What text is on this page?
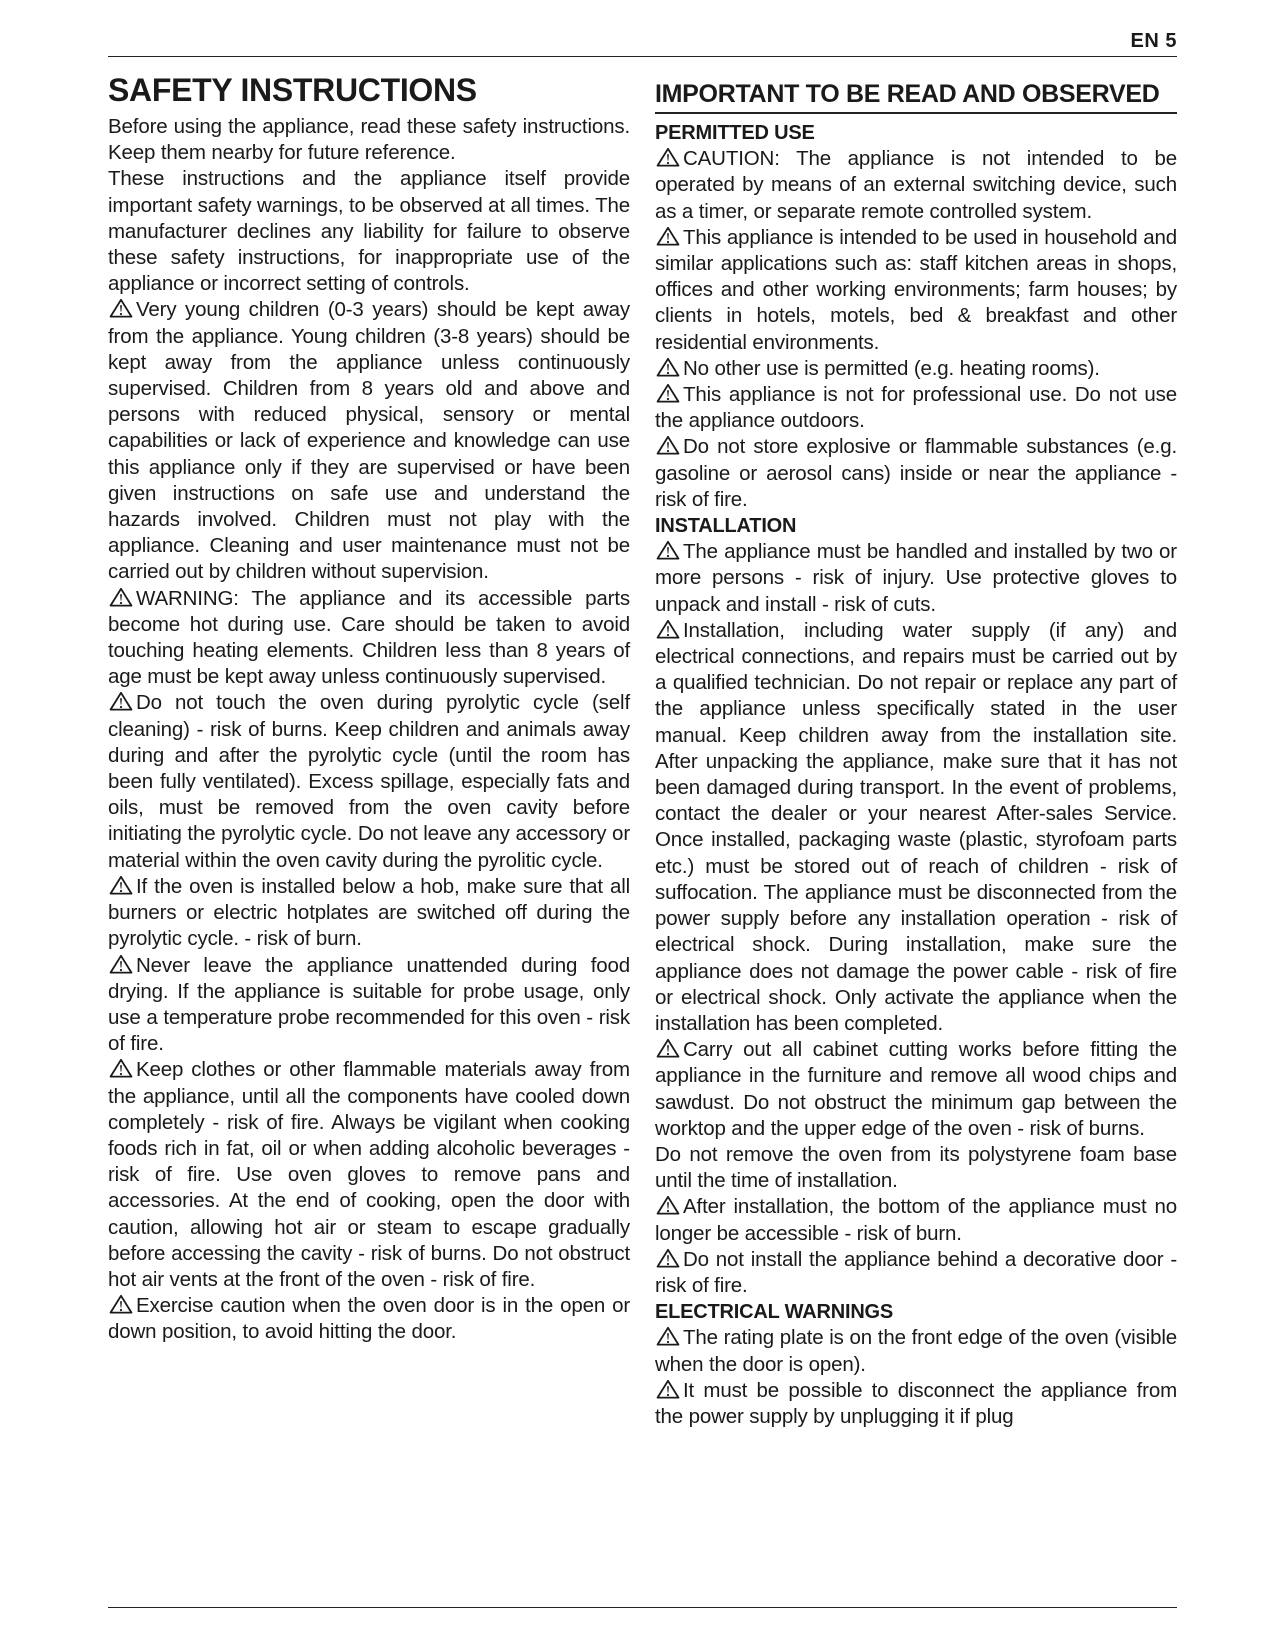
EN 5
SAFETY INSTRUCTIONS

Before using the appliance, read these safety instructions. Keep them nearby for future reference.

These instructions and the appliance itself provide important safety warnings, to be observed at all times. The manufacturer declines any liability for failure to observe these safety instructions, for inappropriate use of the appliance or incorrect setting of controls.

Very young children (0-3 years) should be kept away from the appliance. Young children (3-8 years) should be kept away from the appliance unless continuously supervised. Children from 8 years old and above and persons with reduced physical, sensory or mental capabilities or lack of experience and knowledge can use this appliance only if they are supervised or have been given instructions on safe use and understand the hazards involved. Children must not play with the appliance. Cleaning and user maintenance must not be carried out by children without supervision.

WARNING: The appliance and its accessible parts become hot during use. Care should be taken to avoid touching heating elements. Children less than 8 years of age must be kept away unless continuously supervised.

Do not touch the oven during pyrolytic cycle (self cleaning) - risk of burns. Keep children and animals away during and after the pyrolytic cycle (until the room has been fully ventilated). Excess spillage, especially fats and oils, must be removed from the oven cavity before initiating the pyrolytic cycle. Do not leave any accessory or material within the oven cavity during the pyrolitic cycle.

If the oven is installed below a hob, make sure that all burners or electric hotplates are switched off during the pyrolytic cycle. - risk of burn.

Never leave the appliance unattended during food drying. If the appliance is suitable for probe usage, only use a temperature probe recommended for this oven - risk of fire.

Keep clothes or other flammable materials away from the appliance, until all the components have cooled down completely - risk of fire. Always be vigilant when cooking foods rich in fat, oil or when adding alcoholic beverages - risk of fire. Use oven gloves to remove pans and accessories. At the end of cooking, open the door with caution, allowing hot air or steam to escape gradually before accessing the cavity - risk of burns. Do not obstruct hot air vents at the front of the oven - risk of fire.

Exercise caution when the oven door is in the open or down position, to avoid hitting the door.

IMPORTANT TO BE READ AND OBSERVED
PERMITTED USE

CAUTION: The appliance is not intended to be operated by means of an external switching device, such as a timer, or separate remote controlled system.

This appliance is intended to be used in household and similar applications such as: staff kitchen areas in shops, offices and other working environments; farm houses; by clients in hotels, motels, bed & breakfast and other residential environments.

No other use is permitted (e.g. heating rooms).

This appliance is not for professional use. Do not use the appliance outdoors.

Do not store explosive or flammable substances (e.g. gasoline or aerosol cans) inside or near the appliance - risk of fire.

INSTALLATION

The appliance must be handled and installed by two or more persons - risk of injury. Use protective gloves to unpack and install - risk of cuts.

Installation, including water supply (if any) and electrical connections, and repairs must be carried out by a qualified technician. Do not repair or replace any part of the appliance unless specifically stated in the user manual. Keep children away from the installation site. After unpacking the appliance, make sure that it has not been damaged during transport. In the event of problems, contact the dealer or your nearest After-sales Service. Once installed, packaging waste (plastic, styrofoam parts etc.) must be stored out of reach of children - risk of suffocation. The appliance must be disconnected from the power supply before any installation operation - risk of electrical shock. During installation, make sure the appliance does not damage the power cable - risk of fire or electrical shock. Only activate the appliance when the installation has been completed.

Carry out all cabinet cutting works before fitting the appliance in the furniture and remove all wood chips and sawdust. Do not obstruct the minimum gap between the worktop and the upper edge of the oven - risk of burns.

Do not remove the oven from its polystyrene foam base until the time of installation.

After installation, the bottom of the appliance must no longer be accessible - risk of burn.

Do not install the appliance behind a decorative door - risk of fire.

ELECTRICAL WARNINGS

The rating plate is on the front edge of the oven (visible when the door is open).

It must be possible to disconnect the appliance from the power supply by unplugging it if plug
